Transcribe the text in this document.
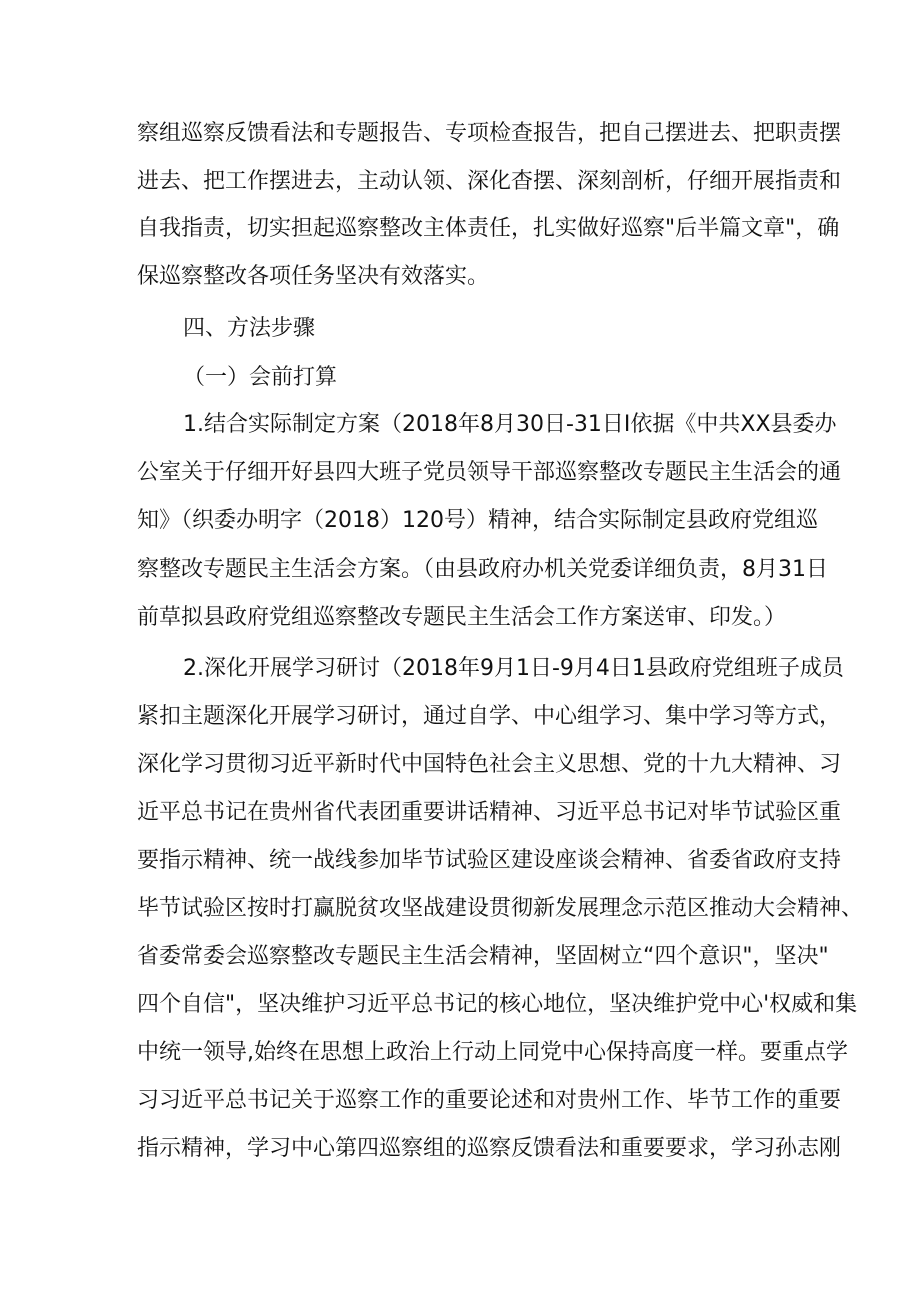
察组巡察反馈看法和专题报告、专项检查报告，把自己摆进去、把职责摆
进去、把工作摆进去，主动认领、深化杳摆、深刻剖析，仔细开展指责和
自我指责，切实担起巡察整改主体责任，扎实做好巡察"后半篇文章"，确
保巡察整改各项任务坚决有效落实。
四、方法步骤
（一）会前打算
1.结合实际制定方案（2018年8月30日-31日I依据《中共XX县委办
公室关于仔细开好县四大班子党员领导干部巡察整改专题民主生活会的通
知》（织委办明字（2018）120号）精神，结合实际制定县政府党组巡
察整改专题民主生活会方案。（由县政府办机关党委详细负责，8月31日
前草拟县政府党组巡察整改专题民主生活会工作方案送审、印发。）
2.深化开展学习研讨（2018年9月1日-9月4日1县政府党组班子成员
紧扣主题深化开展学习研讨，通过自学、中心组学习、集中学习等方式，
深化学习贯彻习近平新时代中国特色社会主义思想、党的十九大精神、习
近平总书记在贵州省代表团重要讲话精神、习近平总书记对毕节试验区重
要指示精神、统一战线参加毕节试验区建设座谈会精神、省委省政府支持
毕节试验区按时打赢脱贫攻坚战建设贯彻新发展理念示范区推动大会精神、
省委常委会巡察整改专题民主生活会精神，坚固树立“四个意识"，坚决"
四个自信"，坚决维护习近平总书记的核心地位，坚决维护党中心'权威和集
中统一领导,始终在思想上政治上行动上同党中心保持高度一样。要重点学
习习近平总书记关于巡察工作的重要论述和对贵州工作、毕节工作的重要
指示精神，学习中心第四巡察组的巡察反馈看法和重要要求，学习孙志刚
